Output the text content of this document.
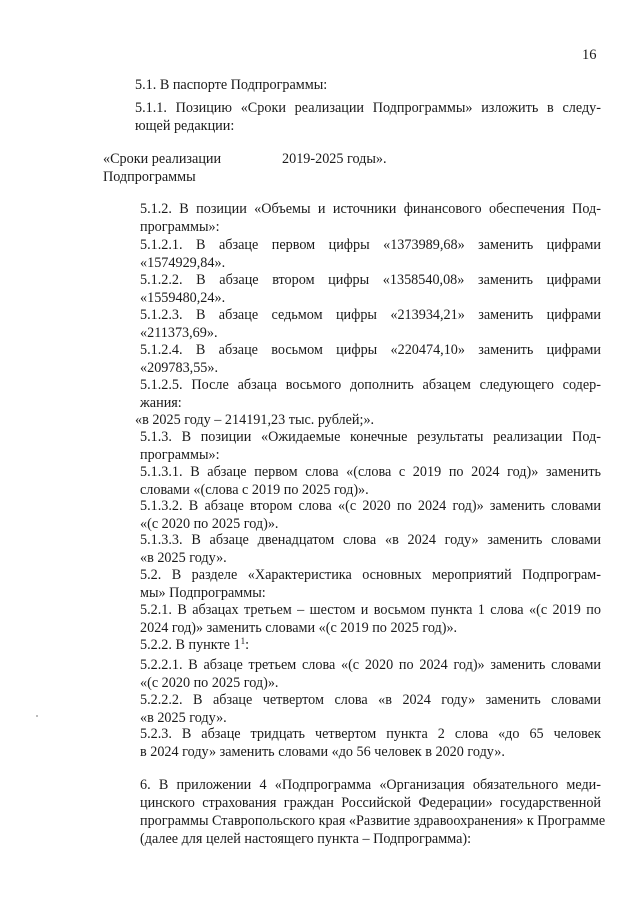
16

5.1. В паспорте Подпрограммы:

5.1.1. Позицию «Сроки реализации Подпрограммы» изложить в следу-
ющей редакции:

«Сроки реализации
Подпрограммы
2019-2025 годы».

5.1.2. В позиции «Объемы и источники финансового обеспечения Под-
программы»:

5.1.2.1. В абзаце первом цифры «1373989,68» заменить цифрами
«1574929,84».

5.1.2.2. В абзаце втором цифры «1358540,08» заменить цифрами
«1559480,24».

5.1.2.3. В абзаце седьмом цифры «213934,21» заменить цифрами
«211373,69».

5.1.2.4. В абзаце восьмом цифры «220474,10» заменить цифрами
«209783,55».

5.1.2.5. После абзаца восьмого дополнить абзацем следующего содер-
жания:

«в 2025 году – 214191,23 тыс. рублей;».

5.1.3. В позиции «Ожидаемые конечные результаты реализации Под-
программы»:

5.1.3.1. В абзаце первом слова «(слова с 2019 по 2024 год)» заменить
словами «(слова с 2019 по 2025 год)».

5.1.3.2. В абзаце втором слова «(с 2020 по 2024 год)» заменить словами
«(с 2020 по 2025 год)».

5.1.3.3. В абзаце двенадцатом слова «в 2024 году» заменить словами
«в 2025 году».

5.2. В разделе «Характеристика основных мероприятий Подпрограм-
мы» Подпрограммы:

5.2.1. В абзацах третьем – шестом и восьмом пункта 1 слова «(с 2019 по
2024 год)» заменить словами «(с 2019 по 2025 год)».

5.2.2. В пункте $1^1$:

5.2.2.1. В абзаце третьем слова «(с 2020 по 2024 год)» заменить словами
«(с 2020 по 2025 год)».

5.2.2.2. В абзаце четвертом слова «в 2024 году» заменить словами
«в 2025 году».

5.2.3. В абзаце тридцать четвертом пункта 2 слова «до 65 человек
в 2024 году» заменить словами «до 56 человек в 2020 году».

6. В приложении 4 «Подпрограмма «Организация обязательного меди-
цинского страхования граждан Российской Федерации» государственной
программы Ставропольского края «Развитие здравоохранения» к Программе
(далее для целей настоящего пункта – Подпрограмма):
